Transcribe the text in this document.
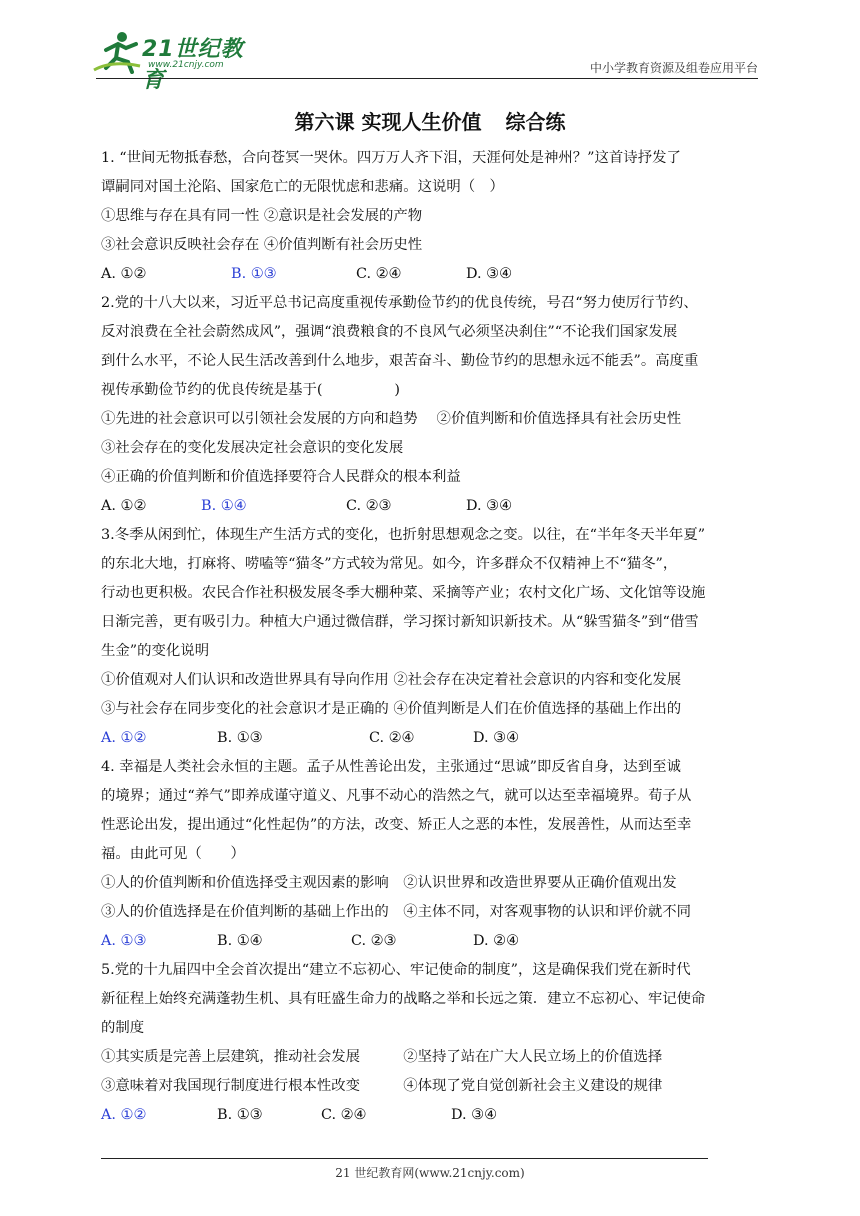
21世纪教育
www.21cnjy.com	中小学教育资源及组卷应用平台
第六课 实现人生价值 综合练

1. “世间无物抵春愁，合向苍冥一哭休。四万万人齐下泪，天涯何处是神州？”这首诗抒发了

谭嗣同对国土沦陷、国家危亡的无限忧虑和悲痛。这说明（　）

①思维与存在具有同一性 ②意识是社会发展的产物

③社会意识反映社会存在 ④价值判断有社会历史性

A. ①②	B. ①③	C. ②④	D. ③④

2.党的十八大以来，习近平总书记高度重视传承勤俭节约的优良传统，号召“努力使厉行节约、

反对浪费在全社会蔚然成风”，强调“浪费粮食的不良风气必须坚决刹住”“不论我们国家发展

到什么水平，不论人民生活改善到什么地步，艰苦奋斗、勤俭节约的思想永远不能丢”。高度重

视传承勤俭节约的优良传统是基于(　　　　　)

①先进的社会意识可以引领社会发展的方向和趋势　 ②价值判断和价值选择具有社会历史性

③社会存在的变化发展决定社会意识的变化发展

④正确的价值判断和价值选择要符合人民群众的根本利益

A. ①②	B. ①④	C. ②③	D. ③④

3.冬季从闲到忙，体现生产生活方式的变化，也折射思想观念之变。以往，在“半年冬天半年夏”

的东北大地，打麻将、唠嗑等“猫冬”方式较为常见。如今，许多群众不仅精神上不“猫冬”，

行动也更积极。农民合作社积极发展冬季大棚种菜、采摘等产业；农村文化广场、文化馆等设施

日渐完善，更有吸引力。种植大户通过微信群，学习探讨新知识新技术。从“躲雪猫冬”到“借雪

生金”的变化说明

①价值观对人们认识和改造世界具有导向作用 ②社会存在决定着社会意识的内容和变化发展

③与社会存在同步变化的社会意识才是正确的 ④价值判断是人们在价值选择的基础上作出的

A. ①②	B. ①③	C. ②④	D. ③④

4. 幸福是人类社会永恒的主题。孟子从性善论出发，主张通过“思诚”即反省自身，达到至诚

的境界；通过“养气”即养成谨守道义、凡事不动心的浩然之气，就可以达至幸福境界。荀子从

性恶论出发，提出通过“化性起伪”的方法，改变、矫正人之恶的本性，发展善性，从而达至幸

福。由此可见（　　）

①人的价值判断和价值选择受主观因素的影响　②认识世界和改造世界要从正确价值观出发

③人的价值选择是在价值判断的基础上作出的　④主体不同，对客观事物的认识和评价就不同

A. ①③	B. ①④	C. ②③	D. ②④

5.党的十九届四中全会首次提出“建立不忘初心、牢记使命的制度”，这是确保我们党在新时代

新征程上始终充满蓬勃生机、具有旺盛生命力的战略之举和长远之策．建立不忘初心、牢记使命

的制度

①其实质是完善上层建筑，推动社会发展　　　②坚持了站在广大人民立场上的价值选择

③意味着对我国现行制度进行根本性改变　　　④体现了党自觉创新社会主义建设的规律

A. ①②	B. ①③	C. ②④	D. ③④
21 世纪教育网(www.21cnjy.com)
